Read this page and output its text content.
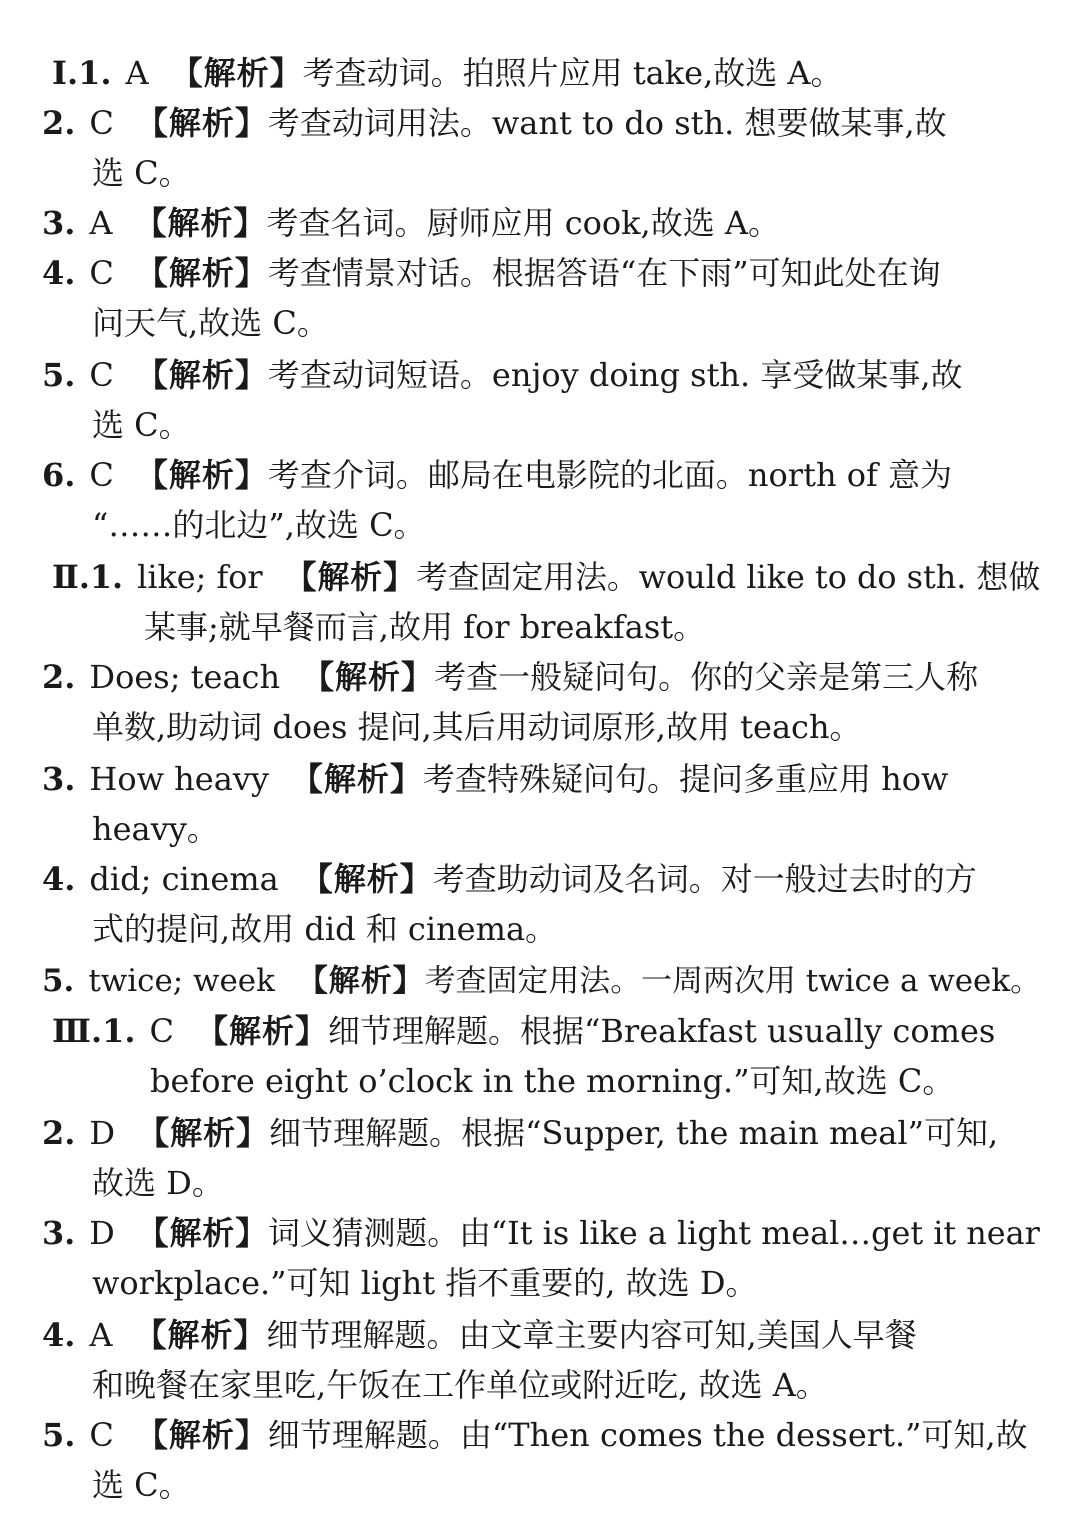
Ⅰ.1. A 【解析】考查动词。拍照片应用 take,故选 A。
2. C 【解析】考查动词用法。want to do sth. 想要做某事,故
选 C。
3. A 【解析】考查名词。厨师应用 cook,故选 A。
4. C 【解析】考查情景对话。根据答语“在下雨”可知此处在询
问天气,故选 C。
5. C 【解析】考查动词短语。enjoy doing sth. 享受做某事,故
选 C。
6. C 【解析】考查介词。邮局在电影院的北面。north of 意为
“……的北边”,故选 C。
Ⅱ.1. like; for 【解析】考查固定用法。would like to do sth. 想做
某事;就早餐而言,故用 for breakfast。
2. Does; teach 【解析】考查一般疑问句。你的父亲是第三人称
单数,助动词 does 提问,其后用动词原形,故用 teach。
3. How heavy 【解析】考查特殊疑问句。提问多重应用 how
heavy。
4. did; cinema 【解析】考查助动词及名词。对一般过去时的方
式的提问,故用 did 和 cinema。
5. twice; week 【解析】考查固定用法。一周两次用 twice a week。
Ⅲ.1. C 【解析】细节理解题。根据“Breakfast usually comes
before eight o’clock in the morning.”可知,故选 C。
2. D 【解析】细节理解题。根据“Supper, the main meal”可知,
故选 D。
3. D 【解析】词义猜测题。由“It is like a light meal…get it near
workplace.”可知 light 指不重要的, 故选 D。
4. A 【解析】细节理解题。由文章主要内容可知,美国人早餐
和晚餐在家里吃,午饭在工作单位或附近吃, 故选 A。
5. C 【解析】细节理解题。由“Then comes the dessert.”可知,故
选 C。
